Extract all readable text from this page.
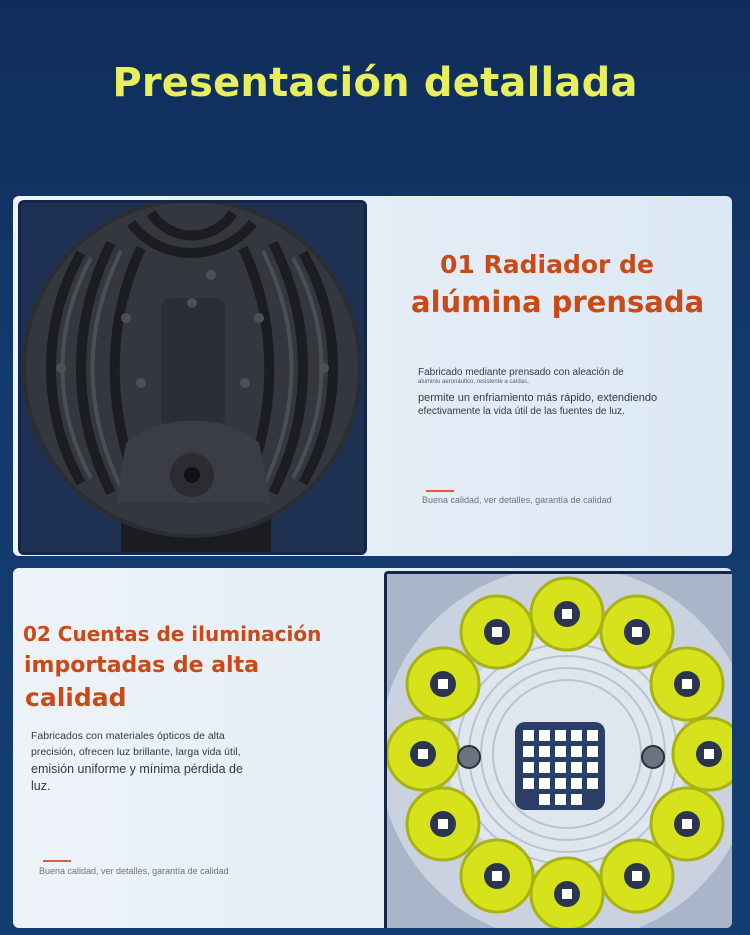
Presentación detallada
01 Radiador de
alúmina prensada
Fabricado mediante prensado con aleación de
aluminio aeronáutico, resistente a caídas,
permite un enfriamiento más rápido, extendiendo
efectivamente la vida útil de las fuentes de luz.
Buena calidad, ver detalles, garantía de calidad
02 Cuentas de iluminación
importadas de alta
calidad
Fabricados con materiales ópticos de alta
precisión, ofrecen luz brillante, larga vida útil,
emisión uniforme y mínima pérdida de
luz.
Buena calidad, ver detalles, garantía de calidad
